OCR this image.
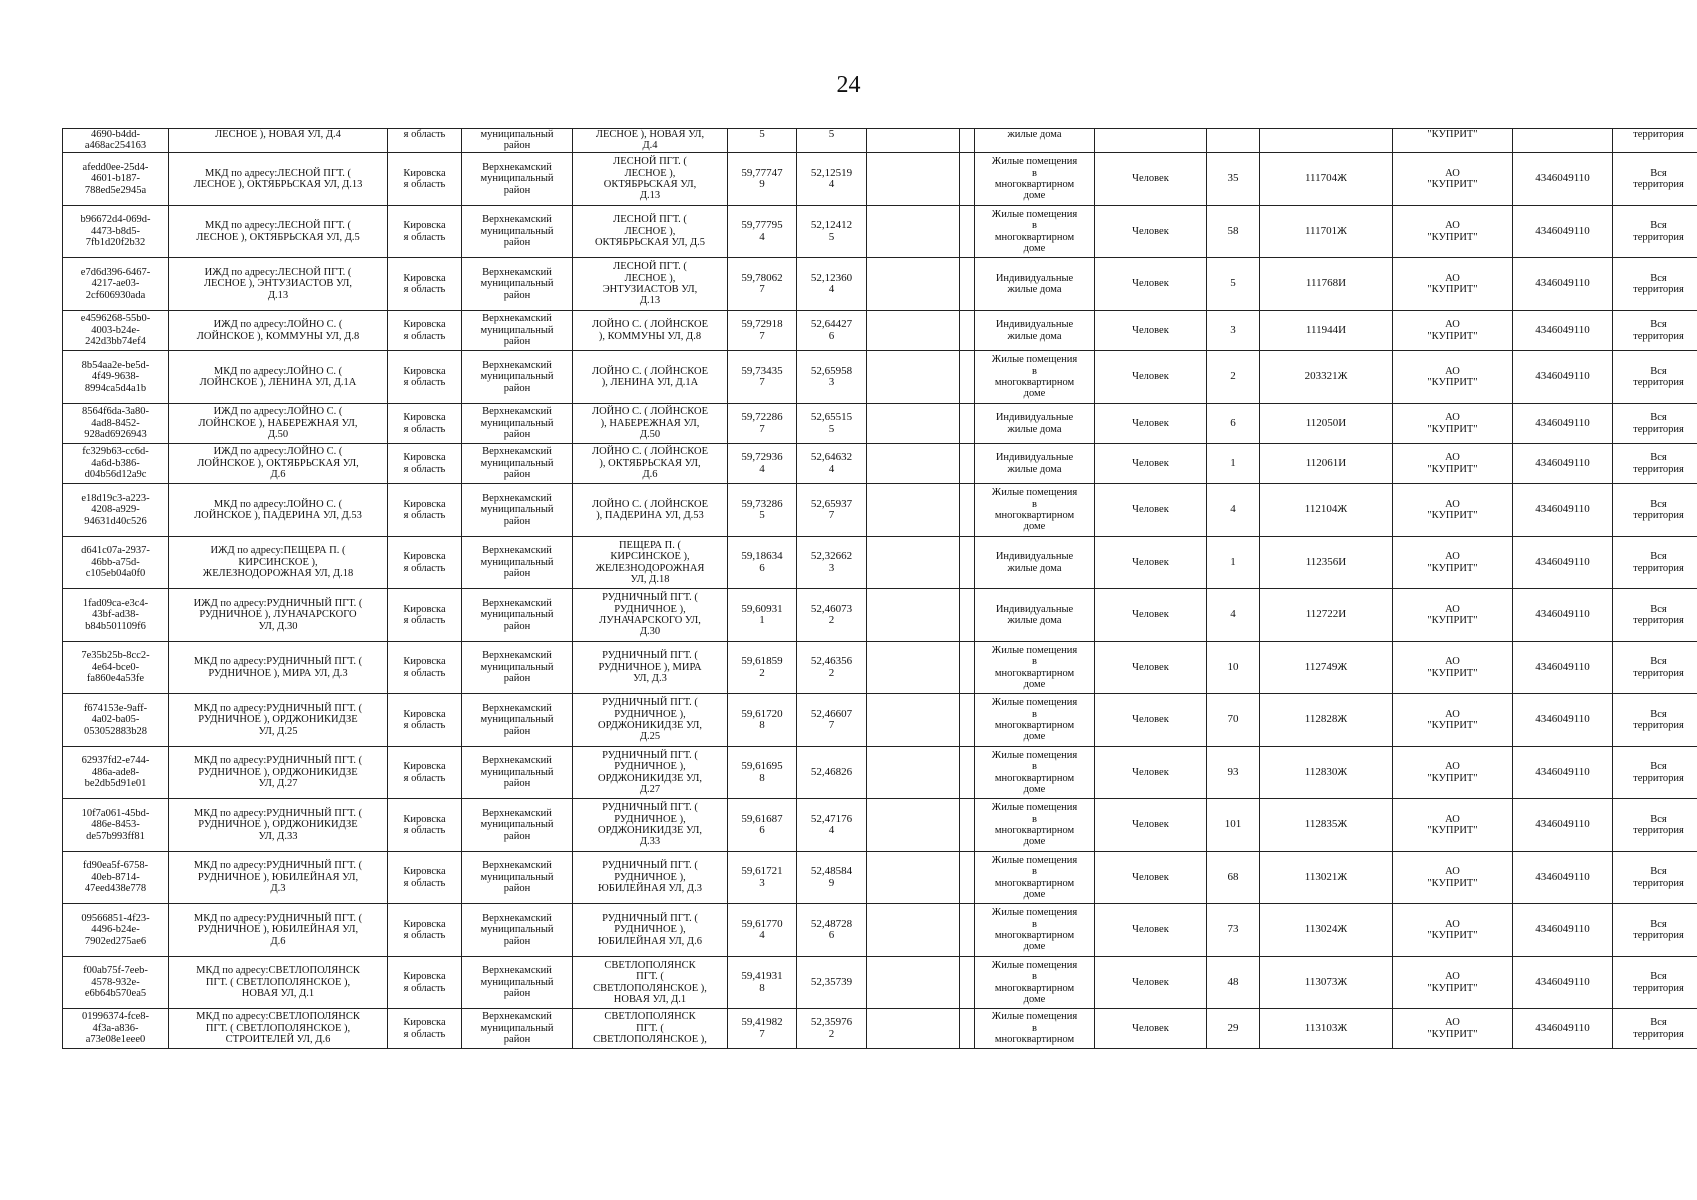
24
4690-b4dd-
a468ac254163	ЛЕСНОЕ ), НОВАЯ УЛ, Д.4	я область	муниципальный
район	ЛЕСНОЕ ), НОВАЯ УЛ,
Д.4	5	5			жилые дома				"КУПРИТ"		территория
afedd0ee-25d4-
4601-b187-
788ed5e2945a	МКД по адресу:ЛЕСНОЙ ПГТ. (
ЛЕСНОЕ ), ОКТЯБРЬСКАЯ УЛ, Д.13	Кировска
я область	Верхнекамский
муниципальный
район	ЛЕСНОЙ ПГТ. (
ЛЕСНОЕ ),
ОКТЯБРЬСКАЯ УЛ,
Д.13	59,77747
9	52,12519
4			Жилые помещения
в
многоквартирном
доме	Человек	35	111704Ж	АО
"КУПРИТ"	4346049110	Вся
территория
b96672d4-069d-
4473-b8d5-
7fb1d20f2b32	МКД по адресу:ЛЕСНОЙ ПГТ. (
ЛЕСНОЕ ), ОКТЯБРЬСКАЯ УЛ, Д.5	Кировска
я область	Верхнекамский
муниципальный
район	ЛЕСНОЙ ПГТ. (
ЛЕСНОЕ ),
ОКТЯБРЬСКАЯ УЛ, Д.5	59,77795
4	52,12412
5			Жилые помещения
в
многоквартирном
доме	Человек	58	111701Ж	АО
"КУПРИТ"	4346049110	Вся
территория
e7d6d396-6467-
4217-ae03-
2cf606930ada	ИЖД по адресу:ЛЕСНОЙ ПГТ. (
ЛЕСНОЕ ), ЭНТУЗИАСТОВ УЛ,
Д.13	Кировска
я область	Верхнекамский
муниципальный
район	ЛЕСНОЙ ПГТ. (
ЛЕСНОЕ ),
ЭНТУЗИАСТОВ УЛ,
Д.13	59,78062
7	52,12360
4			Индивидуальные
жилые дома	Человек	5	111768И	АО
"КУПРИТ"	4346049110	Вся
территория
e4596268-55b0-
4003-b24e-
242d3bb74ef4	ИЖД по адресу:ЛОЙНО С. (
ЛОЙНСКОЕ ), КОММУНЫ УЛ, Д.8	Кировска
я область	Верхнекамский
муниципальный
район	ЛОЙНО С. ( ЛОЙНСКОЕ
), КОММУНЫ УЛ, Д.8	59,72918
7	52,64427
6			Индивидуальные
жилые дома	Человек	3	111944И	АО
"КУПРИТ"	4346049110	Вся
территория
8b54aa2e-be5d-
4f49-9638-
8994ca5d4a1b	МКД по адресу:ЛОЙНО С. (
ЛОЙНСКОЕ ), ЛЕНИНА УЛ, Д.1А	Кировска
я область	Верхнекамский
муниципальный
район	ЛОЙНО С. ( ЛОЙНСКОЕ
), ЛЕНИНА УЛ, Д.1А	59,73435
7	52,65958
3			Жилые помещения
в
многоквартирном
доме	Человек	2	203321Ж	АО
"КУПРИТ"	4346049110	Вся
территория
8564f6da-3a80-
4ad8-8452-
928ad6926943	ИЖД по адресу:ЛОЙНО С. (
ЛОЙНСКОЕ ), НАБЕРЕЖНАЯ УЛ,
Д.50	Кировска
я область	Верхнекамский
муниципальный
район	ЛОЙНО С. ( ЛОЙНСКОЕ
), НАБЕРЕЖНАЯ УЛ,
Д.50	59,72286
7	52,65515
5			Индивидуальные
жилые дома	Человек	6	112050И	АО
"КУПРИТ"	4346049110	Вся
территория
fc329b63-cc6d-
4a6d-b386-
d04b56d12a9c	ИЖД по адресу:ЛОЙНО С. (
ЛОЙНСКОЕ ), ОКТЯБРЬСКАЯ УЛ,
Д.6	Кировска
я область	Верхнекамский
муниципальный
район	ЛОЙНО С. ( ЛОЙНСКОЕ
), ОКТЯБРЬСКАЯ УЛ,
Д.6	59,72936
4	52,64632
4			Индивидуальные
жилые дома	Человек	1	112061И	АО
"КУПРИТ"	4346049110	Вся
территория
e18d19c3-a223-
4208-a929-
94631d40c526	МКД по адресу:ЛОЙНО С. (
ЛОЙНСКОЕ ), ПАДЕРИНА УЛ, Д.53	Кировска
я область	Верхнекамский
муниципальный
район	ЛОЙНО С. ( ЛОЙНСКОЕ
), ПАДЕРИНА УЛ, Д.53	59,73286
5	52,65937
7			Жилые помещения
в
многоквартирном
доме	Человек	4	112104Ж	АО
"КУПРИТ"	4346049110	Вся
территория
d641c07a-2937-
46bb-a75d-
c105eb04a0f0	ИЖД по адресу:ПЕЩЕРА П. (
КИРСИНСКОЕ ),
ЖЕЛЕЗНОДОРОЖНАЯ УЛ, Д.18	Кировска
я область	Верхнекамский
муниципальный
район	ПЕЩЕРА П. (
КИРСИНСКОЕ ),
ЖЕЛЕЗНОДОРОЖНАЯ
УЛ, Д.18	59,18634
6	52,32662
3			Индивидуальные
жилые дома	Человек	1	112356И	АО
"КУПРИТ"	4346049110	Вся
территория
1fad09ca-e3c4-
43bf-ad38-
b84b501109f6	ИЖД по адресу:РУДНИЧНЫЙ ПГТ. (
РУДНИЧНОЕ ), ЛУНАЧАРСКОГО
УЛ, Д.30	Кировска
я область	Верхнекамский
муниципальный
район	РУДНИЧНЫЙ ПГТ. (
РУДНИЧНОЕ ),
ЛУНАЧАРСКОГО УЛ,
Д.30	59,60931
1	52,46073
2			Индивидуальные
жилые дома	Человек	4	112722И	АО
"КУПРИТ"	4346049110	Вся
территория
7e35b25b-8cc2-
4e64-bce0-
fa860e4a53fe	МКД по адресу:РУДНИЧНЫЙ ПГТ. (
РУДНИЧНОЕ ), МИРА УЛ, Д.3	Кировска
я область	Верхнекамский
муниципальный
район	РУДНИЧНЫЙ ПГТ. (
РУДНИЧНОЕ ), МИРА
УЛ, Д.3	59,61859
2	52,46356
2			Жилые помещения
в
многоквартирном
доме	Человек	10	112749Ж	АО
"КУПРИТ"	4346049110	Вся
территория
f674153e-9aff-
4a02-ba05-
053052883b28	МКД по адресу:РУДНИЧНЫЙ ПГТ. (
РУДНИЧНОЕ ), ОРДЖОНИКИДЗЕ
УЛ, Д.25	Кировска
я область	Верхнекамский
муниципальный
район	РУДНИЧНЫЙ ПГТ. (
РУДНИЧНОЕ ),
ОРДЖОНИКИДЗЕ УЛ,
Д.25	59,61720
8	52,46607
7			Жилые помещения
в
многоквартирном
доме	Человек	70	112828Ж	АО
"КУПРИТ"	4346049110	Вся
территория
62937fd2-e744-
486a-ade8-
be2db5d91e01	МКД по адресу:РУДНИЧНЫЙ ПГТ. (
РУДНИЧНОЕ ), ОРДЖОНИКИДЗЕ
УЛ, Д.27	Кировска
я область	Верхнекамский
муниципальный
район	РУДНИЧНЫЙ ПГТ. (
РУДНИЧНОЕ ),
ОРДЖОНИКИДЗЕ УЛ,
Д.27	59,61695
8	52,46826			Жилые помещения
в
многоквартирном
доме	Человек	93	112830Ж	АО
"КУПРИТ"	4346049110	Вся
территория
10f7a061-45bd-
486e-8453-
de57b993ff81	МКД по адресу:РУДНИЧНЫЙ ПГТ. (
РУДНИЧНОЕ ), ОРДЖОНИКИДЗЕ
УЛ, Д.33	Кировска
я область	Верхнекамский
муниципальный
район	РУДНИЧНЫЙ ПГТ. (
РУДНИЧНОЕ ),
ОРДЖОНИКИДЗЕ УЛ,
Д.33	59,61687
6	52,47176
4			Жилые помещения
в
многоквартирном
доме	Человек	101	112835Ж	АО
"КУПРИТ"	4346049110	Вся
территория
fd90ea5f-6758-
40eb-8714-
47eed438e778	МКД по адресу:РУДНИЧНЫЙ ПГТ. (
РУДНИЧНОЕ ), ЮБИЛЕЙНАЯ УЛ,
Д.3	Кировска
я область	Верхнекамский
муниципальный
район	РУДНИЧНЫЙ ПГТ. (
РУДНИЧНОЕ ),
ЮБИЛЕЙНАЯ УЛ, Д.3	59,61721
3	52,48584
9			Жилые помещения
в
многоквартирном
доме	Человек	68	113021Ж	АО
"КУПРИТ"	4346049110	Вся
территория
09566851-4f23-
4496-b24e-
7902ed275ae6	МКД по адресу:РУДНИЧНЫЙ ПГТ. (
РУДНИЧНОЕ ), ЮБИЛЕЙНАЯ УЛ,
Д.6	Кировска
я область	Верхнекамский
муниципальный
район	РУДНИЧНЫЙ ПГТ. (
РУДНИЧНОЕ ),
ЮБИЛЕЙНАЯ УЛ, Д.6	59,61770
4	52,48728
6			Жилые помещения
в
многоквартирном
доме	Человек	73	113024Ж	АО
"КУПРИТ"	4346049110	Вся
территория
f00ab75f-7eeb-
4578-932e-
e6b64b570ea5	МКД по адресу:СВЕТЛОПОЛЯНСК
ПГТ. ( СВЕТЛОПОЛЯНСКОЕ ),
НОВАЯ УЛ, Д.1	Кировска
я область	Верхнекамский
муниципальный
район	СВЕТЛОПОЛЯНСК
ПГТ. (
СВЕТЛОПОЛЯНСКОЕ ),
НОВАЯ УЛ, Д.1	59,41931
8	52,35739			Жилые помещения
в
многоквартирном
доме	Человек	48	113073Ж	АО
"КУПРИТ"	4346049110	Вся
территория
01996374-fce8-
4f3a-a836-
a73e08e1eee0	МКД по адресу:СВЕТЛОПОЛЯНСК
ПГТ. ( СВЕТЛОПОЛЯНСКОЕ ),
СТРОИТЕЛЕЙ УЛ, Д.6	Кировска
я область	Верхнекамский
муниципальный
район	СВЕТЛОПОЛЯНСК
ПГТ. (
СВЕТЛОПОЛЯНСКОЕ ),	59,41982
7	52,35976
2			Жилые помещения
в
многоквартирном	Человек	29	113103Ж	АО
"КУПРИТ"	4346049110	Вся
территория
